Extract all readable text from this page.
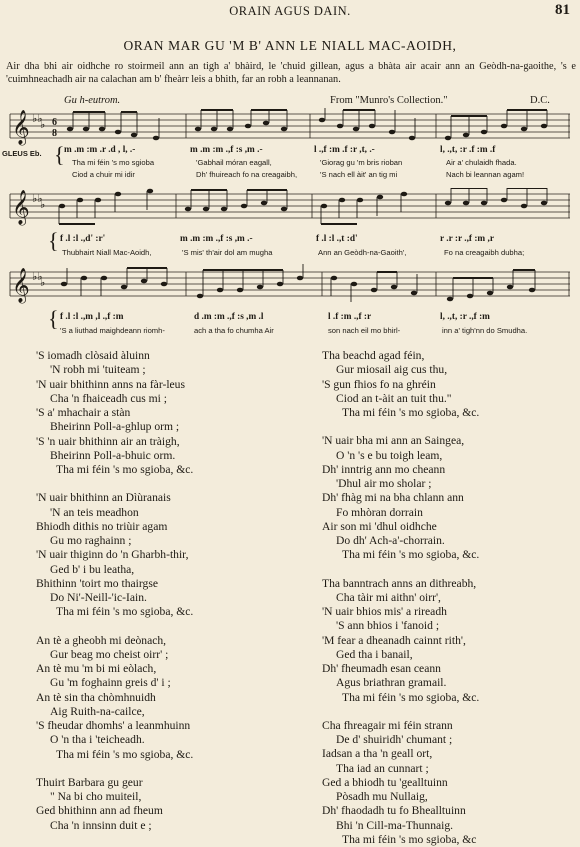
ORAIN AGUS DAIN.	81
ORAN MAR GU 'M B' ANN LE NIALL MAC-AOIDH,
Air dha bhi air oidhche ro stoirmeil ann an tigh a' bhàird, le 'chuid gillean, agus a bhàta air acair ann an Geòdh-na-gaoithe, 's e 'cuimhneachadh air na calachan am b' fheàrr leis a bhith, far an robh a leannanan.
Gu h-eutrom.	From "Munro's Collection."	D.C.
GLEUS Eb.
𝄞 ♭♭
♭ 6
8
{ m .m :m .r .d , l, .-	m .m :m .,f :s ,m .-	l .,f :m .f :r ,t, .-	l, .,t, :r .f :m .f
Tha mi féin 's mo sgioba	'Gabhail móran eagall,	'Giorag gu 'm bris rioban	Air a' chulaidh fhada.
Ciod a chuir mi idir	Dh' fhuireach fo na creagaibh,	'S nach ell àit' an tig mi	Nach bi leannan agam!
𝄞 ♭♭
♭
{ f .l :l .,d' :r'	m .m :m .,f :s ,m .-	f .l :l .,t :d'	r .r :r .,f :m ,r
Thubhairt Niall Mac-Aoidh,	'S mis' th'air dol am mugha	Ann an Geòdh-na-Gaoith',	Fo na creagaibh dubha;
𝄞 ♭♭
♭
{ f .l :l .,m ,l .,f :m	d .m :m .,f :s ,m .l	l .f :m .,f :r	l, .,t, :r .,f :m
'S a liuthad maighdeann riomh-	ach a tha fo chumha Air	son nach eil mo bhirl-	inn a' tigh'nn do Smudha.
'S iomadh clòsaid àluinn
'N robh mi 'tuiteam ;
'N uair bhithinn anns na fàr-leus
Cha 'n fhaiceadh cus mi ;
'S a' mhachair a stàn
Bheirinn Poll-a-ghlup orm ;
'S 'n uair bhithinn air an tràigh,
Bheirinn Poll-a-bhuic orm.
Tha mi féin 's mo sgioba, &c.
'N uair bhithinn an Dìùranais
'N an teis meadhon
Bhiodh dithis no triùir agam
Gu mo raghainn ;
'N uair thiginn do 'n Gharbh-thir,
Ged b' i bu leatha,
Bhithinn 'toirt mo thairgse
Do Ni'-Neill-'ic-Iain.
Tha mi féin 's mo sgioba, &c.
An tè a gheobh mi deònach,
Gur beag mo cheist oirr' ;
An tè mu 'm bi mi eòlach,
Gu 'm foghainn greis d' i ;
An tè sin tha chòmhnuidh
Aig Ruith-na-cailce,
'S fheudar dhomhs' a leanmhuinn
O 'n tha i 'teicheadh.
Tha mi féin 's mo sgioba, &c.
Thuirt Barbara gu geur
" Na bi cho muiteil,
Ged bhithinn ann ad fheum
Cha 'n innsinn duit e ;
Tha beachd agad féin,
Gur miosail aig cus thu,
'S gun fhios fo na ghréin
Ciod an t-àit an tuit thu."
Tha mi féin 's mo sgioba, &c.
'N uair bha mi ann an Saingea,
O 'n 's e bu toigh leam,
Dh' inntrig ann mo cheann
'Dhul air mo sholar ;
Dh' fhàg mi na bha chlann ann
Fo mhòran dorrain
Air son mi 'dhul oidhche
Do dh' Ach-a'-chorrain.
Tha mi féin 's mo sgioba, &c.
Tha banntrach anns an dithreabh,
Cha tàir mi aithn' oirr',
'N uair bhios mis' a rireadh
'S ann bhios i 'fanoid ;
'M fear a dheanadh cainnt rith',
Ged tha i banail,
Dh' fheumadh esan ceann
Agus briathran gramail.
Tha mi féin 's mo sgioba, &c.
Cha fhreagair mi féin strann
De d' shuiridh' chumant ;
Iadsan a tha 'n geall ort,
Tha iad an cunnart ;
Ged a bhiodh tu 'gealltuinn
Pòsadh mu Nullaig,
Dh' fhaodadh tu fo Bhealltuinn
Bhi 'n Cill-ma-Thunnaig.
Tha mi féin 's mo sgioba, &c
